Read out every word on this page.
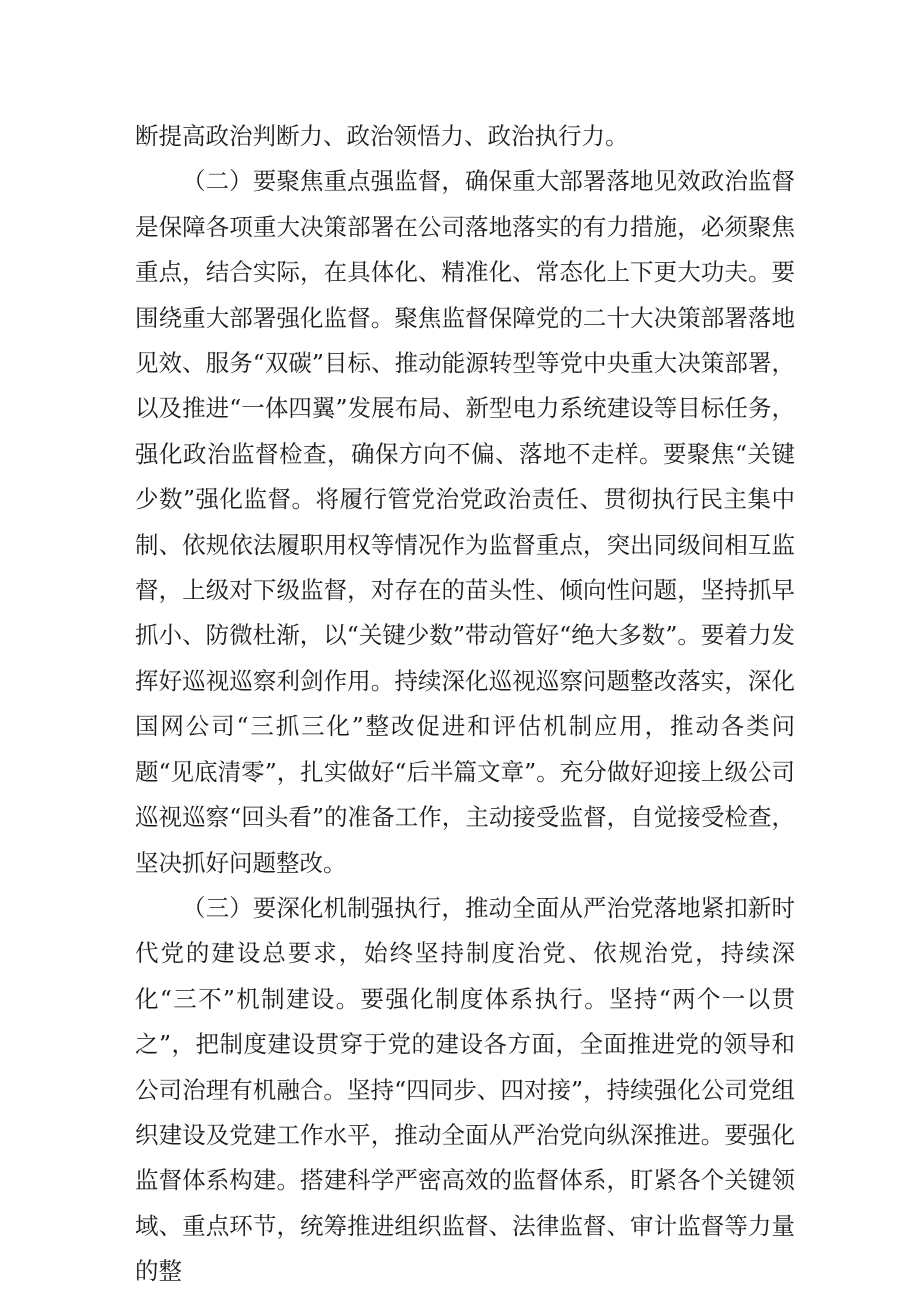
断提高政治判断力、政治领悟力、政治执行力。

（二）要聚焦重点强监督，确保重大部署落地见效政治监督是保障各项重大决策部署在公司落地落实的有力措施，必须聚焦重点，结合实际，在具体化、精准化、常态化上下更大功夫。要围绕重大部署强化监督。聚焦监督保障党的二十大决策部署落地见效、服务“双碳”目标、推动能源转型等党中央重大决策部署，以及推进“一体四翼”发展布局、新型电力系统建设等目标任务，强化政治监督检查，确保方向不偏、落地不走样。要聚焦“关键少数”强化监督。将履行管党治党政治责任、贯彻执行民主集中制、依规依法履职用权等情况作为监督重点，突出同级间相互监督，上级对下级监督，对存在的苗头性、倾向性问题，坚持抓早抓小、防微杜渐，以“关键少数”带动管好“绝大多数”。要着力发挥好巡视巡察利剑作用。持续深化巡视巡察问题整改落实，深化国网公司“三抓三化”整改促进和评估机制应用，推动各类问题“见底清零”，扎实做好“后半篇文章”。充分做好迎接上级公司巡视巡察“回头看”的准备工作，主动接受监督，自觉接受检查，坚决抓好问题整改。

（三）要深化机制强执行，推动全面从严治党落地紧扣新时代党的建设总要求，始终坚持制度治党、依规治党，持续深化“三不”机制建设。要强化制度体系执行。坚持“两个一以贯之”，把制度建设贯穿于党的建设各方面，全面推进党的领导和公司治理有机融合。坚持“四同步、四对接”，持续强化公司党组织建设及党建工作水平，推动全面从严治党向纵深推进。要强化监督体系构建。搭建科学严密高效的监督体系，盯紧各个关键领域、重点环节，统筹推进组织监督、法律监督、审计监督等力量的整
